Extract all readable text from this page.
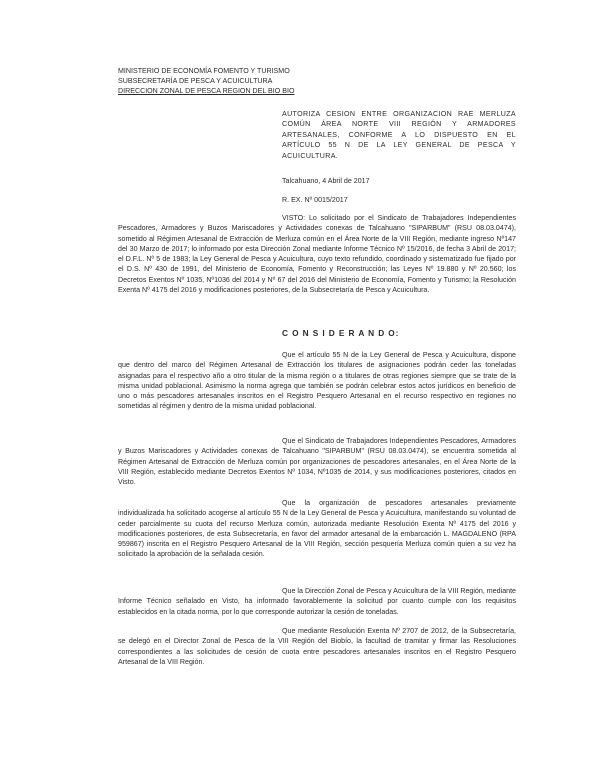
MINISTERIO DE ECONOMÍA FOMENTO Y TURISMO
SUBSECRETARÍA DE PESCA Y ACUICULTURA
DIRECCION ZONAL DE PESCA REGION DEL BIO BIO
AUTORIZA CESION ENTRE ORGANIZACION RAE MERLUZA COMÚN ÁREA NORTE VIII REGIÓN Y ARMADORES ARTESANALES, CONFORME A LO DISPUESTO EN EL ARTÍCULO 55 N DE LA LEY GENERAL DE PESCA Y ACUICULTURA.
Talcahuano, 4 Abril de 2017
R. EX. Nº 0015/2017
VISTO: Lo solicitado por el Sindicato de Trabajadores Independientes Pescadores, Armadores y Buzos Mariscadores y Actividades conexas de Talcahuano "SIPARBUM" (RSU 08.03.0474), sometido al Régimen Artesanal de Extracción de Merluza común en el Área Norte de la VIII Región, mediante ingreso Nº147 del 30 Marzo de 2017; lo informado por esta Dirección Zonal mediante Informe Técnico Nº 15/2016, de fecha 3 Abril de 2017; el D.F.L. Nº 5 de 1983; la Ley General de Pesca y Acuicultura, cuyo texto refundido, coordinado y sistematizado fue fijado por el D.S. Nº 430 de 1991, del Ministerio de Economía, Fomento y Reconstrucción; las Leyes Nº 19.880 y Nº 20.560; los Decretos Exentos Nº 1035, Nº1036 del 2014 y Nº 67 del 2016 del Ministerio de Economía, Fomento y Turismo; la Resolución Exenta Nº 4175 del 2016 y modificaciones posteriores, de la Subsecretaría de Pesca y Acuicultura.
C O N S I D E R A N D O:
Que el artículo 55 N de la Ley General de Pesca y Acuicultura, dispone que dentro del marco del Régimen Artesanal de Extracción los titulares de asignaciones podrán ceder las toneladas asignadas para el respectivo año a otro titular de la misma región o a titulares de otras regiones siempre que se trate de la misma unidad poblacional. Asimismo la norma agrega que también se podrán celebrar estos actos jurídicos en beneficio de uno o más pescadores artesanales inscritos en el Registro Pesquero Artesanal en el recurso respectivo en regiones no sometidas al régimen y dentro de la misma unidad poblacional.
Que el Sindicato de Trabajadores Independientes Pescadores, Armadores y Buzos Mariscadores y Actividades conexas de Talcahuano "SIPARBUM" (RSU 08.03.0474), se encuentra sometida al Régimen Artesanal de Extracción de Merluza común por organizaciones de pescadores artesanales, en el Área Norte de la VIII Región, establecido mediante Decretos Exentos Nº 1034, Nº1035 de 2014, y sus modificaciones posteriores, citados en Visto.
Que la organización de pescadores artesanales previamente individualizada ha solicitado acogerse al artículo 55 N de la Ley General de Pesca y Acuicultura, manifestando su voluntad de ceder parcialmente su cuota del recurso Merluza común, autorizada mediante Resolución Exenta Nº 4175 del 2016 y modificaciones posteriores, de esta Subsecretaría, en favor del armador artesanal de la embarcación L. MAGDALENO (RPA 959867) inscrita en el Registro Pesquero Artesanal de la VIII Región, sección pesquería Merluza común quien a su vez ha solicitado la aprobación de la señalada cesión.
Que la Dirección Zonal de Pesca y Acuicultura de la VIII Región, mediante Informe Técnico señalado en Visto, ha informado favorablemente la solicitud por cuanto cumple con los requisitos establecidos en la citada norma, por lo que corresponde autorizar la cesión de toneladas.
Que mediante Resolución Exenta Nº 2707 de 2012, de la Subsecretaría, se delegó en el Director Zonal de Pesca de la VIII Región del Biobío, la facultad de tramitar y firmar las Resoluciones correspondientes a las solicitudes de cesión de cuota entre pescadores artesanales inscritos en el Registro Pesquero Artesanal de la VIII Región.
